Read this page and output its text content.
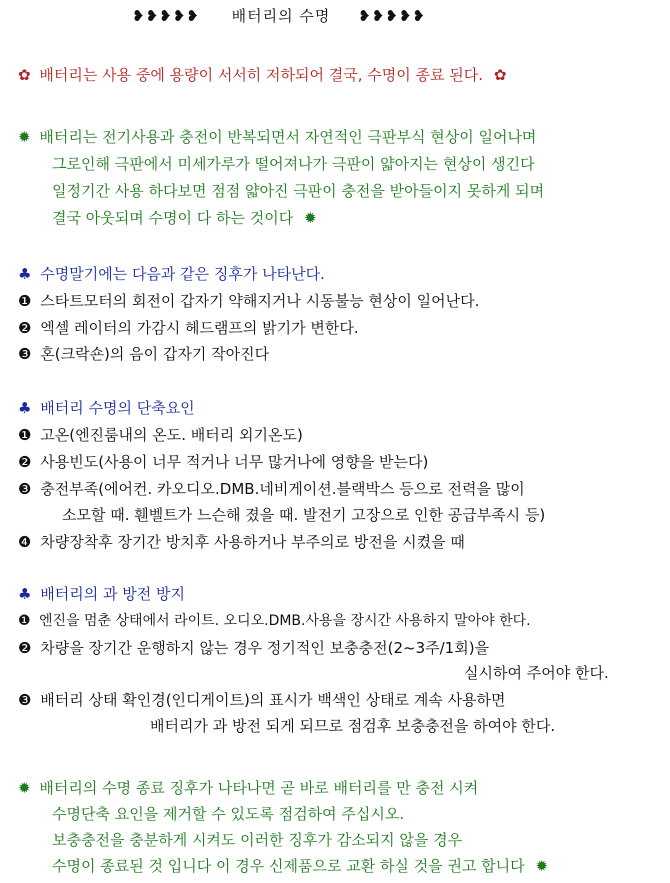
❥❥❥❥❥ 배터리의 수명 ❥❥❥❥❥
✿ 배터리는 사용 중에 용량이 서서히 저하되어 결국, 수명이 종료 된다. ✿
✹ 배터리는 전기사용과 충전이 반복되면서 자연적인 극판부식 현상이 일어나며
그로인해 극판에서 미세가루가 떨어져나가 극판이 얇아지는 현상이 생긴다
일정기간 사용 하다보면 점점 얇아진 극판이 충전을 받아들이지 못하게 되며
결국 아웃되며 수명이 다 하는 것이다 ✹
♣ 수명말기에는 다음과 같은 징후가 나타난다.
❶ 스타트모터의 회전이 갑자기 약해지거나 시동불능 현상이 일어난다.
❷ 엑셀 레이터의 가감시 헤드램프의 밝기가 변한다.
❸ 혼(크락숀)의 음이 갑자기 작아진다
♣ 배터리 수명의 단축요인
❶ 고온(엔진룸내의 온도. 배터리 외기온도)
❷ 사용빈도(사용이 너무 적거나 너무 많거나에 영향을 받는다)
❸ 충전부족(에어컨. 카오디오.DMB.네비게이션.블랙박스 등으로 전력을 많이
소모할 때. 휀벨트가 느슨해 졌을 때. 발전기 고장으로 인한 공급부족시 등)
❹ 차량장착후 장기간 방치후 사용하거나 부주의로 방전을 시켰을 때
♣ 배터리의 과 방전 방지
❶ 엔진을 멈춘 상태에서 라이트. 오디오.DMB.사용을 장시간 사용하지 말아야 한다.
❷ 차량을 장기간 운행하지 않는 경우 정기적인 보충충전(2~3주/1회)을
실시하여 주어야 한다.
❸ 배터리 상태 확인경(인디게이트)의 표시가 백색인 상태로 계속 사용하면
배터리가 과 방전 되게 되므로 점검후 보충충전을 하여야 한다.
✹ 배터리의 수명 종료 징후가 나타나면 곧 바로 배터리를 만 충전 시켜
수명단축 요인을 제거할 수 있도록 점검하여 주십시오.
보충충전을 충분하게 시켜도 이러한 징후가 감소되지 않을 경우
수명이 종료된 것 입니다 이 경우 신제품으로 교환 하실 것을 권고 합니다 ✹
